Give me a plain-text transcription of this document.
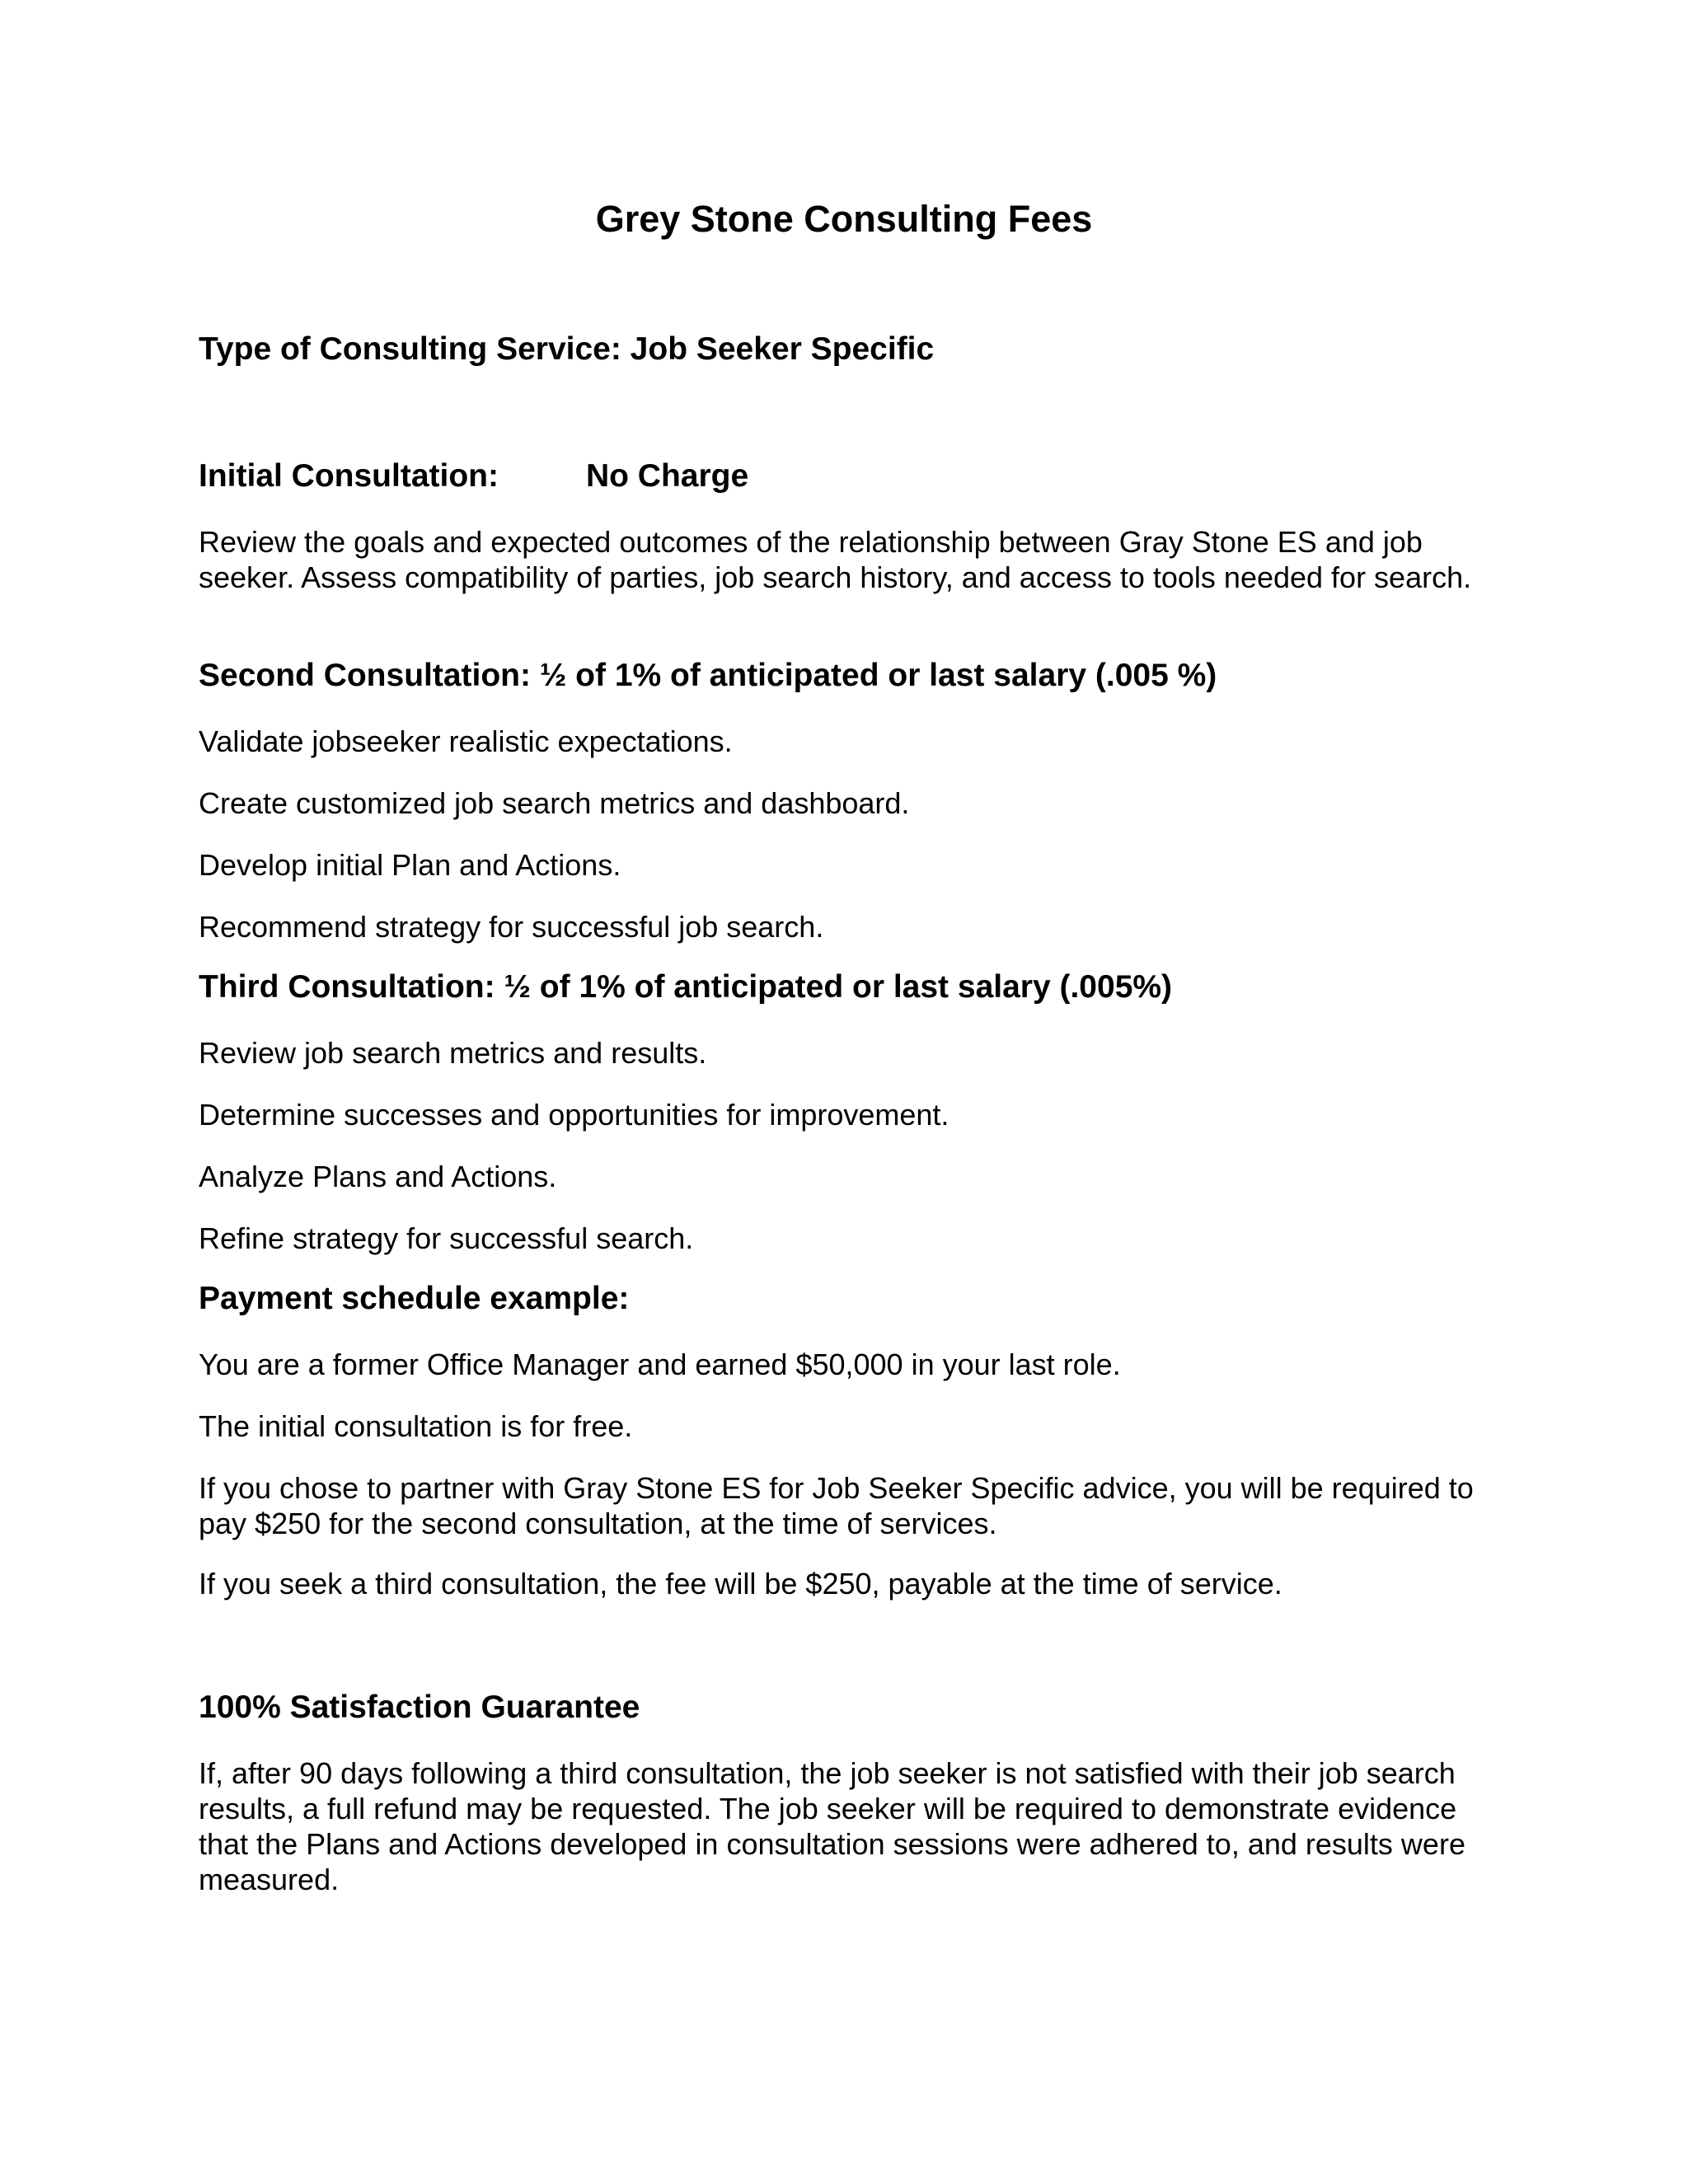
Grey Stone Consulting Fees
Type of Consulting Service: Job Seeker Specific
Initial Consultation:	No Charge

Review the goals and expected outcomes of the relationship between Gray Stone ES and job seeker. Assess compatibility of parties, job search history, and access to tools needed for search.

Second Consultation: ½ of 1% of anticipated or last salary (.005 %)

Validate jobseeker realistic expectations.

Create customized job search metrics and dashboard.

Develop initial Plan and Actions.

Recommend strategy for successful job search.

Third Consultation: ½ of 1% of anticipated or last salary (.005%)

Review job search metrics and results.

Determine successes and opportunities for improvement.

Analyze Plans and Actions.

Refine strategy for successful search.

Payment schedule example:

You are a former Office Manager and earned $50,000 in your last role.

The initial consultation is for free.

If you chose to partner with Gray Stone ES for Job Seeker Specific advice, you will be required to pay $250 for the second consultation, at the time of services.

If you seek a third consultation, the fee will be $250, payable at the time of service.

100% Satisfaction Guarantee

If, after 90 days following a third consultation, the job seeker is not satisfied with their job search results, a full refund may be requested. The job seeker will be required to demonstrate evidence that the Plans and Actions developed in consultation sessions were adhered to, and results were measured.
